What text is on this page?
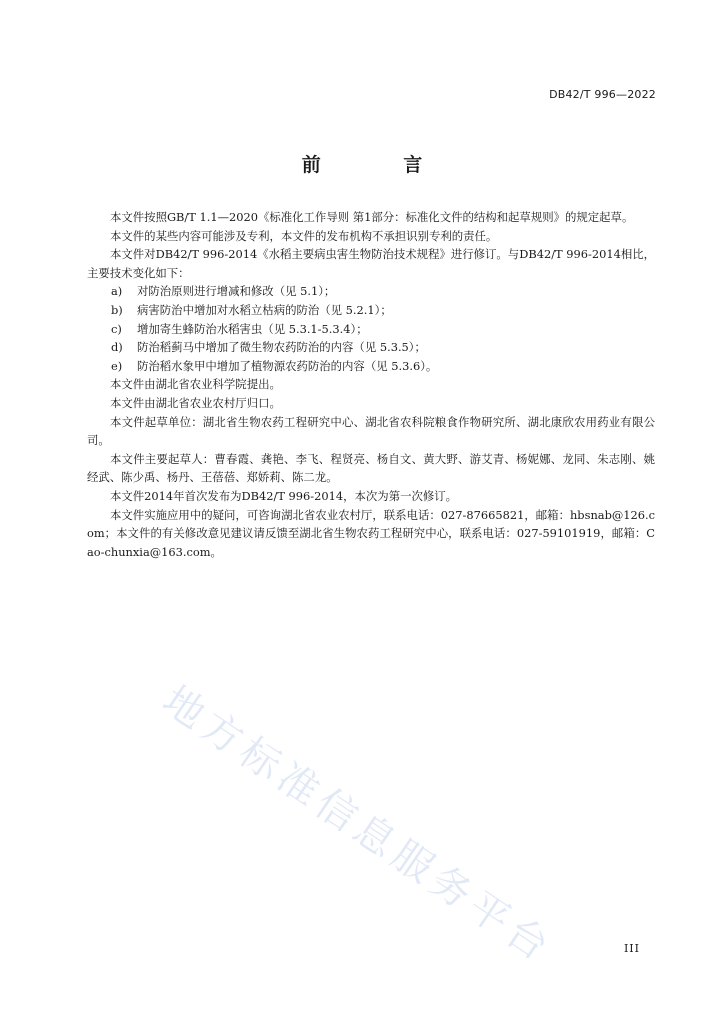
DB42/T 996—2022
前 言

本文件按照GB/T 1.1—2020《标准化工作导则 第1部分：标准化文件的结构和起草规则》的规定起草。

本文件的某些内容可能涉及专利，本文件的发布机构不承担识别专利的责任。

本文件对DB42/T 996-2014《水稻主要病虫害生物防治技术规程》进行修订。与DB42/T 996-2014相比，主要技术变化如下：

a) 对防治原则进行增减和修改（见 5.1）；
b) 病害防治中增加对水稻立枯病的防治（见 5.2.1）；
c) 增加寄生蜂防治水稻害虫（见 5.3.1-5.3.4）；
d) 防治稻蓟马中增加了微生物农药防治的内容（见 5.3.5）；
e) 防治稻水象甲中增加了植物源农药防治的内容（见 5.3.6）。

本文件由湖北省农业科学院提出。

本文件由湖北省农业农村厅归口。

本文件起草单位：湖北省生物农药工程研究中心、湖北省农科院粮食作物研究所、湖北康欣农用药业有限公司。

本文件主要起草人：曹春霞、龚艳、李飞、程贤亮、杨自文、黄大野、游艾青、杨妮娜、龙同、朱志刚、姚经武、陈少禹、杨丹、王蓓蓓、郑娇莉、陈二龙。

本文件2014年首次发布为DB42/T 996-2014，本次为第一次修订。

本文件实施应用中的疑问，可咨询湖北省农业农村厅，联系电话：027-87665821，邮箱：hbsnab@126.com；本文件的有关修改意见建议请反馈至湖北省生物农药工程研究中心，联系电话：027-59101919，邮箱：Cao-chunxia@163.com。

地方标准信息服务平台	III
